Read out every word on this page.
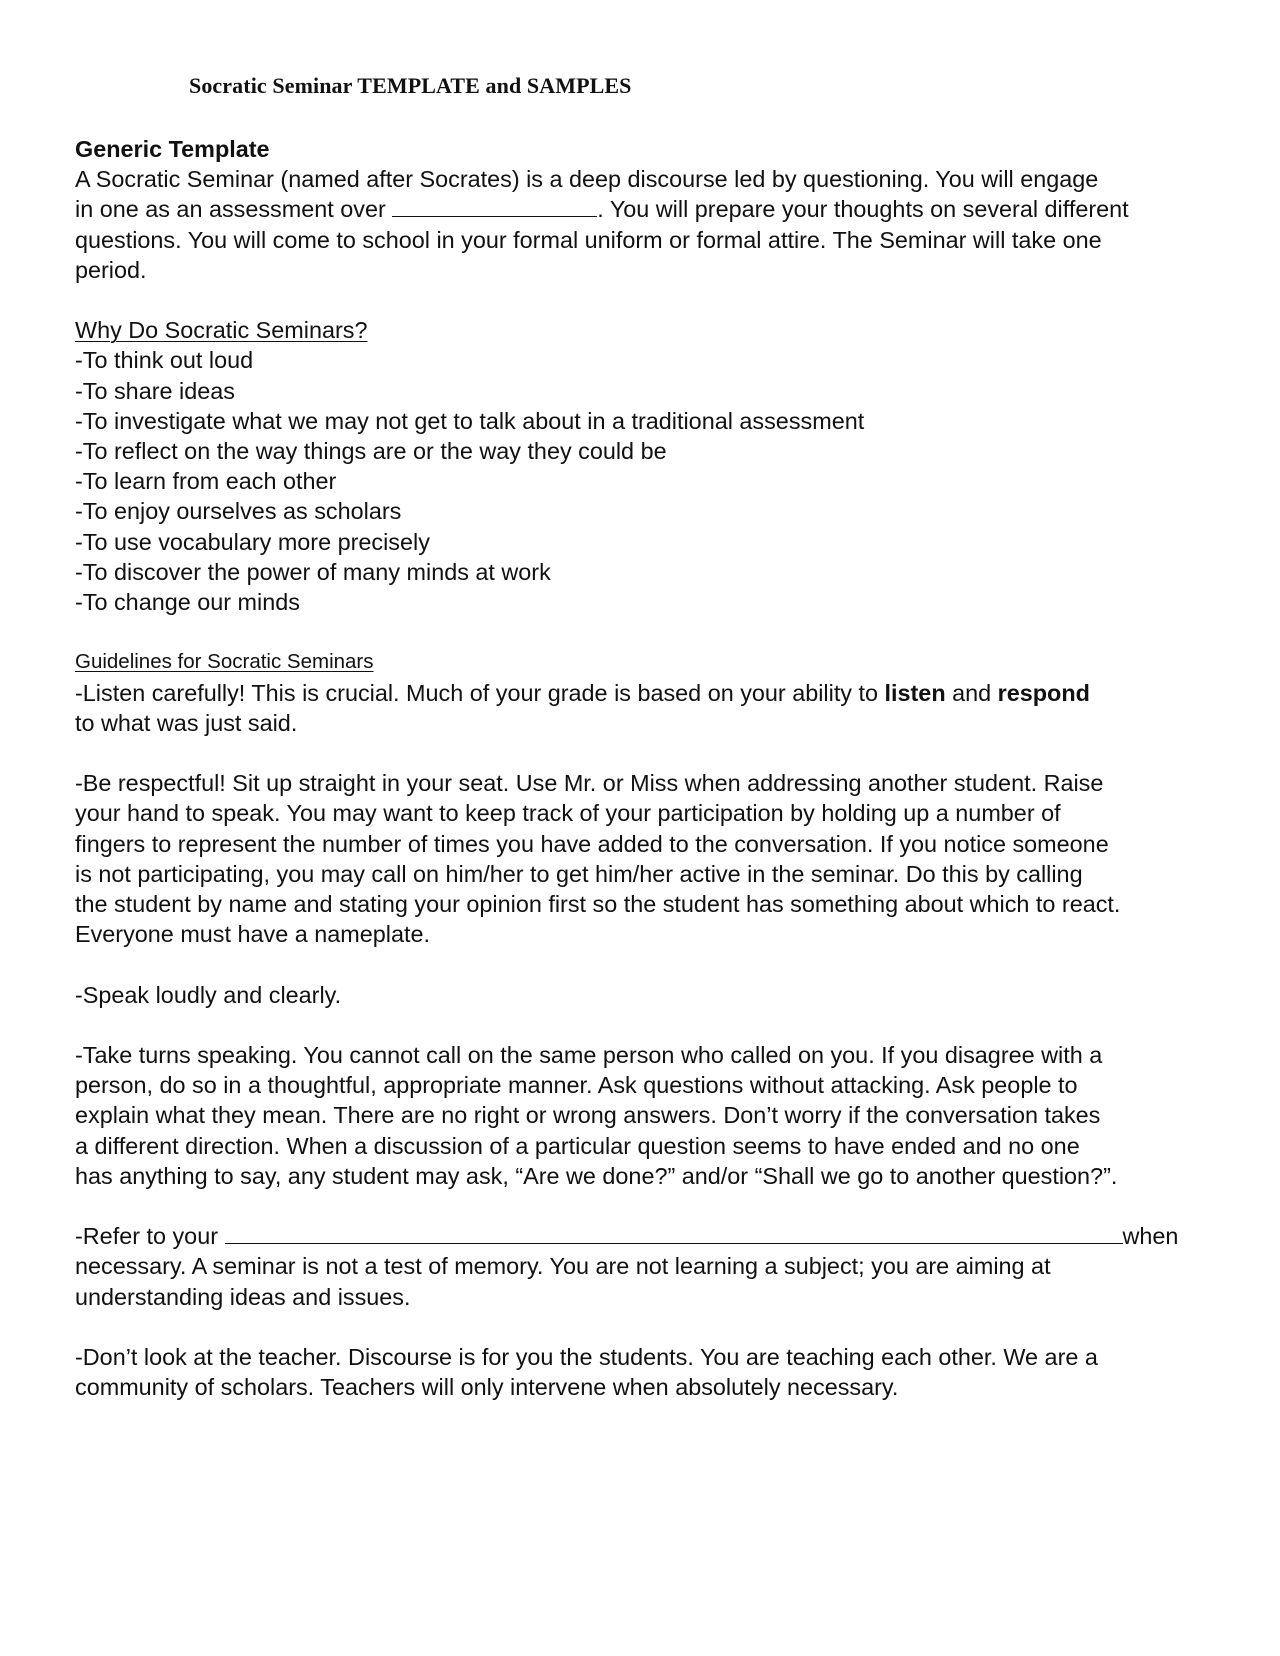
Socratic Seminar TEMPLATE and SAMPLES

Generic Template

A Socratic Seminar (named after Socrates) is a deep discourse led by questioning. You will engage

in one as an assessment over	. You will prepare your thoughts on several different

questions. You will come to school in your formal uniform or formal attire. The Seminar will take one

period.

Why Do Socratic Seminars?

-To think out loud

-To share ideas

-To investigate what we may not get to talk about in a traditional assessment

-To reflect on the way things are or the way they could be

-To learn from each other

-To enjoy ourselves as scholars

-To use vocabulary more precisely

-To discover the power of many minds at work

-To change our minds

Guidelines for Socratic Seminars

-Listen carefully! This is crucial. Much of your grade is based on your ability to listen and respond

to what was just said.

-Be respectful! Sit up straight in your seat. Use Mr. or Miss when addressing another student. Raise

your hand to speak. You may want to keep track of your participation by holding up a number of

fingers to represent the number of times you have added to the conversation. If you notice someone

is not participating, you may call on him/her to get him/her active in the seminar. Do this by calling

the student by name and stating your opinion first so the student has something about which to react.

Everyone must have a nameplate.

-Speak loudly and clearly.

-Take turns speaking. You cannot call on the same person who called on you. If you disagree with a

person, do so in a thoughtful, appropriate manner. Ask questions without attacking. Ask people to

explain what they mean. There are no right or wrong answers. Don’t worry if the conversation takes

a different direction. When a discussion of a particular question seems to have ended and no one

has anything to say, any student may ask, “Are we done?” and/or “Shall we go to another question?”.

-Refer to your	when

necessary. A seminar is not a test of memory. You are not learning a subject; you are aiming at

understanding ideas and issues.

-Don’t look at the teacher. Discourse is for you the students. You are teaching each other. We are a

community of scholars. Teachers will only intervene when absolutely necessary.
